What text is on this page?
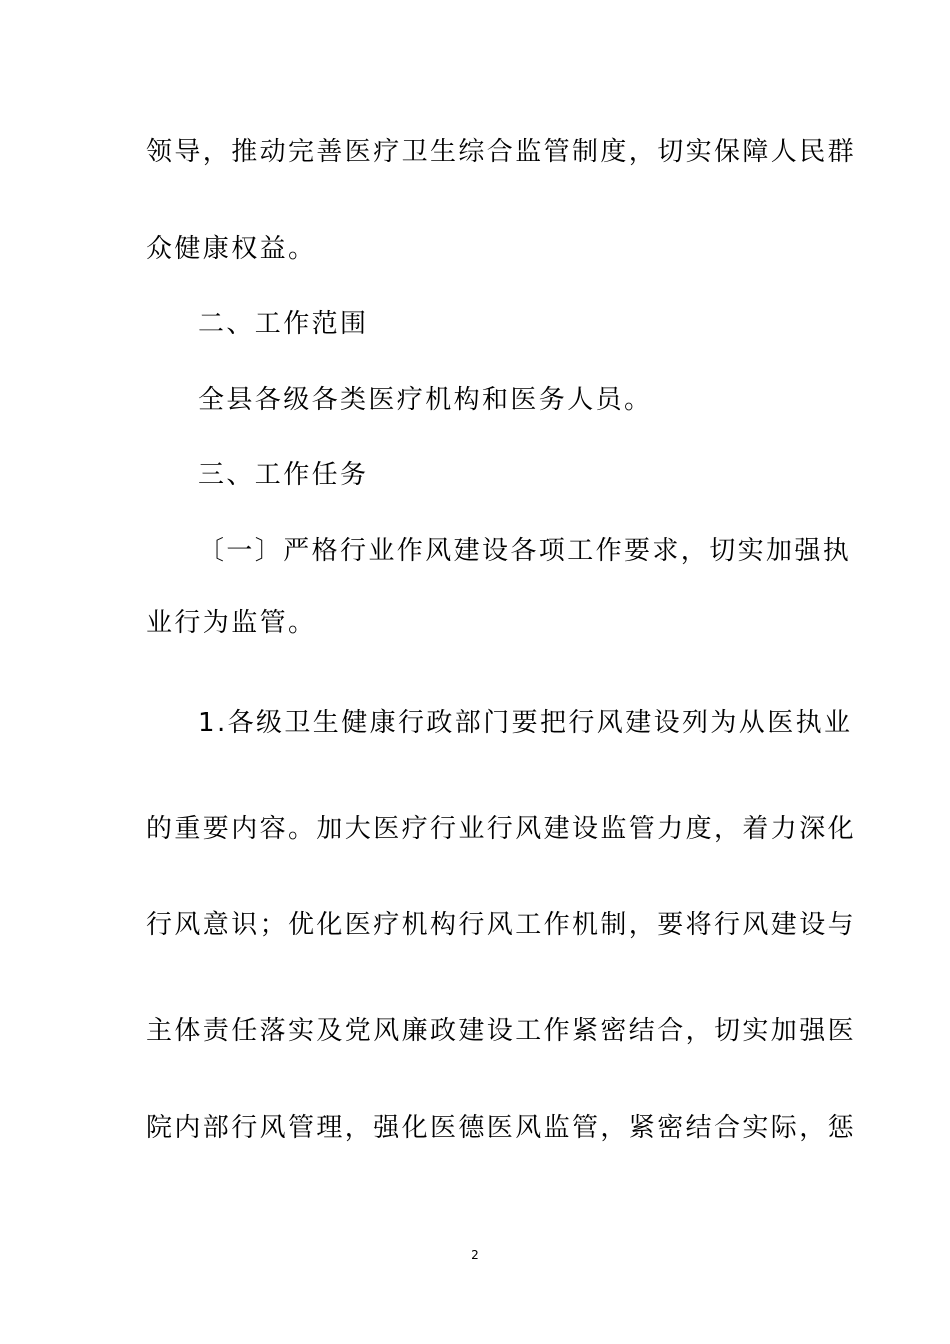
领导，推动完善医疗卫生综合监管制度，切实保障人民群

众健康权益。

二、工作范围

全县各级各类医疗机构和医务人员。

三、工作任务

〔一〕严格行业作风建设各项工作要求，切实加强执

业行为监管。

1.各级卫生健康行政部门要把行风建设列为从医执业

的重要内容。加大医疗行业行风建设监管力度，着力深化

行风意识；优化医疗机构行风工作机制，要将行风建设与

主体责任落实及党风廉政建设工作紧密结合，切实加强医

院内部行风管理，强化医德医风监管，紧密结合实际，惩

2
